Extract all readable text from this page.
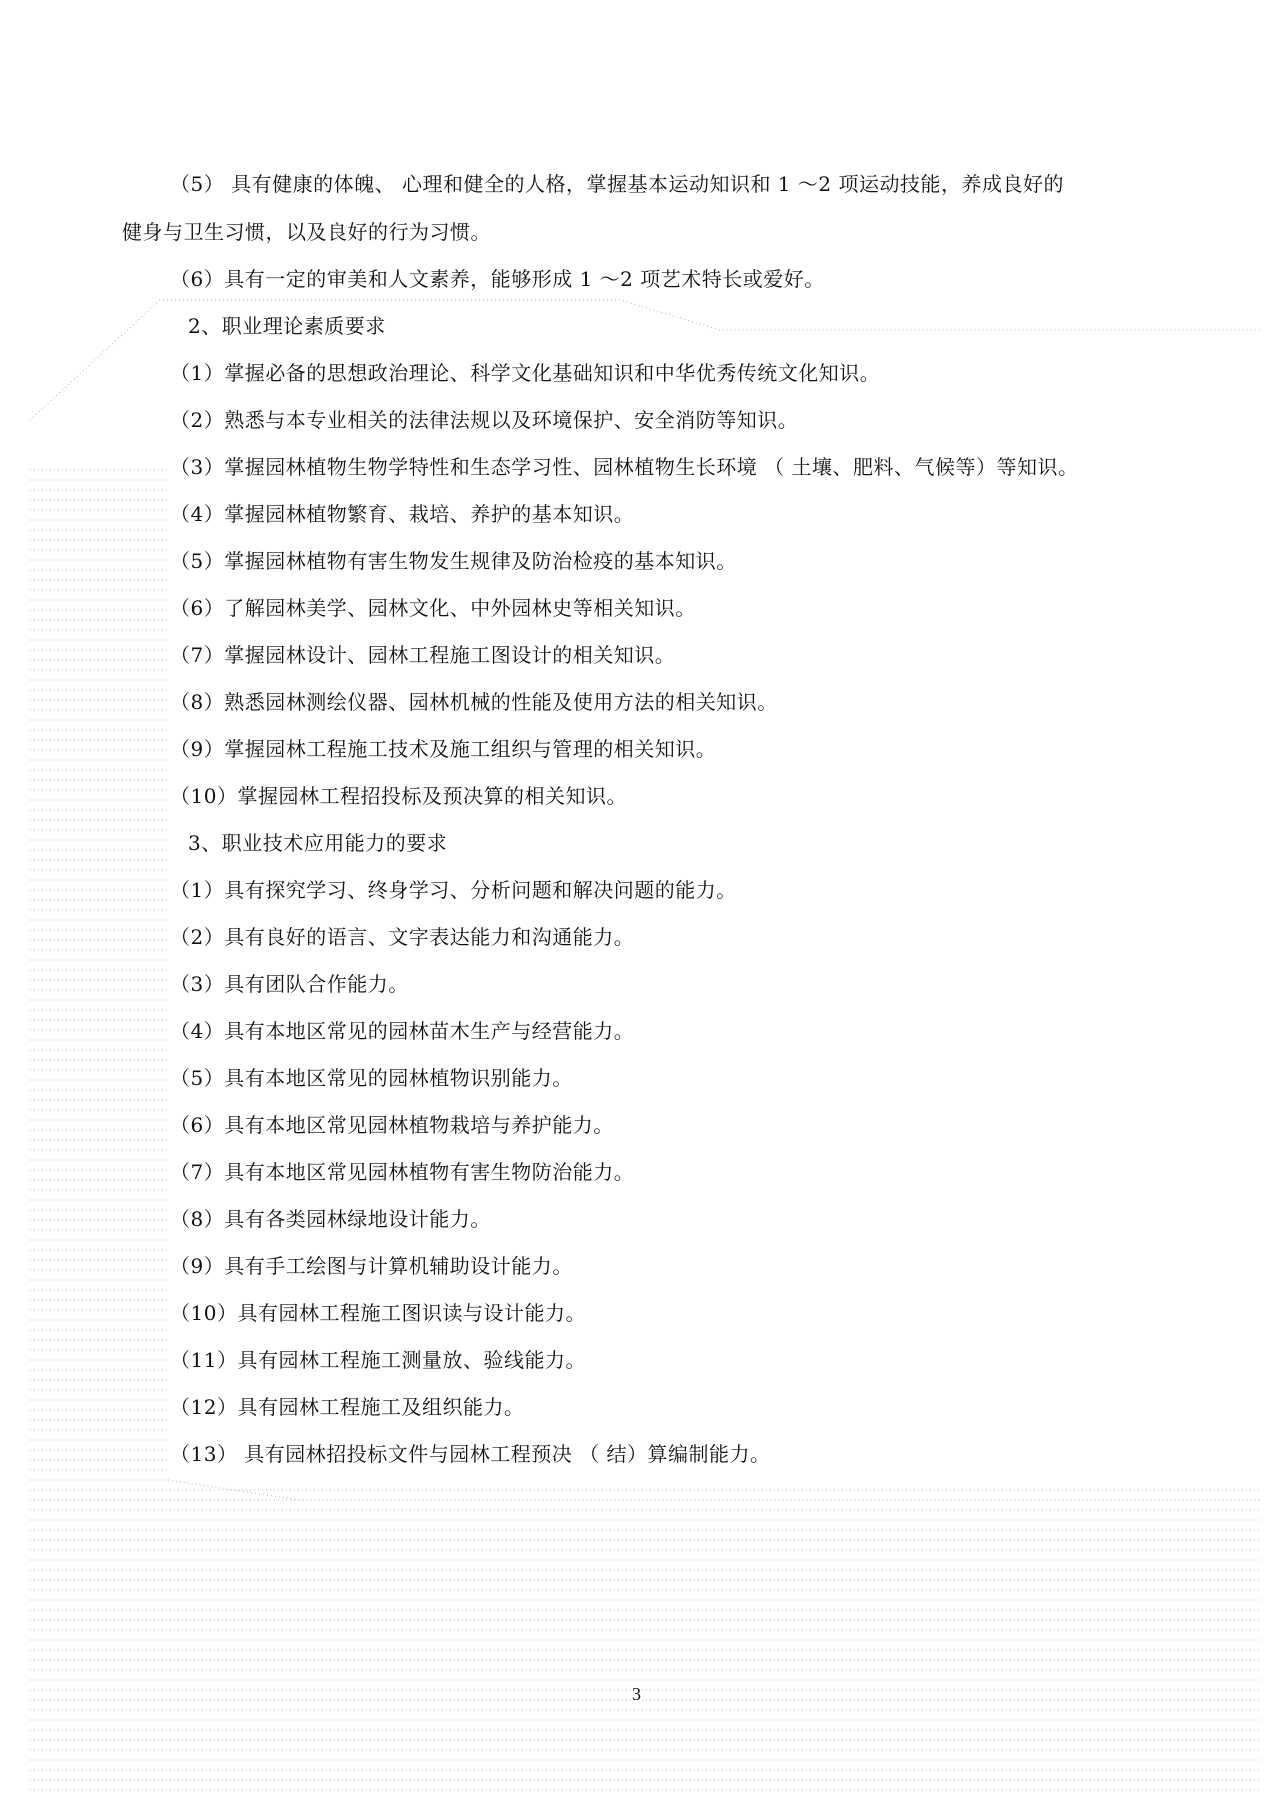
（5） 具有健康的体魄、 心理和健全的人格，掌握基本运动知识和 1 ～2 项运动技能，养成良好的
健身与卫生习惯，以及良好的行为习惯。
（6）具有一定的审美和人文素养，能够形成 1 ～2 项艺术特长或爱好。
2、职业理论素质要求
（1）掌握必备的思想政治理论、科学文化基础知识和中华优秀传统文化知识。
（2）熟悉与本专业相关的法律法规以及环境保护、安全消防等知识。
（3）掌握园林植物生物学特性和生态学习性、园林植物生长环境 （ 土壤、肥料、气候等）等知识。
（4）掌握园林植物繁育、栽培、养护的基本知识。
（5）掌握园林植物有害生物发生规律及防治检疫的基本知识。
（6）了解园林美学、园林文化、中外园林史等相关知识。
（7）掌握园林设计、园林工程施工图设计的相关知识。
（8）熟悉园林测绘仪器、园林机械的性能及使用方法的相关知识。
（9）掌握园林工程施工技术及施工组织与管理的相关知识。
（10）掌握园林工程招投标及预决算的相关知识。
3、职业技术应用能力的要求
（1）具有探究学习、终身学习、分析问题和解决问题的能力。
（2）具有良好的语言、文字表达能力和沟通能力。
（3）具有团队合作能力。
（4）具有本地区常见的园林苗木生产与经营能力。
（5）具有本地区常见的园林植物识别能力。
（6）具有本地区常见园林植物栽培与养护能力。
（7）具有本地区常见园林植物有害生物防治能力。
（8）具有各类园林绿地设计能力。
（9）具有手工绘图与计算机辅助设计能力。
（10）具有园林工程施工图识读与设计能力。
（11）具有园林工程施工测量放、验线能力。
（12）具有园林工程施工及组织能力。
（13） 具有园林招投标文件与园林工程预决 （ 结）算编制能力。
3
